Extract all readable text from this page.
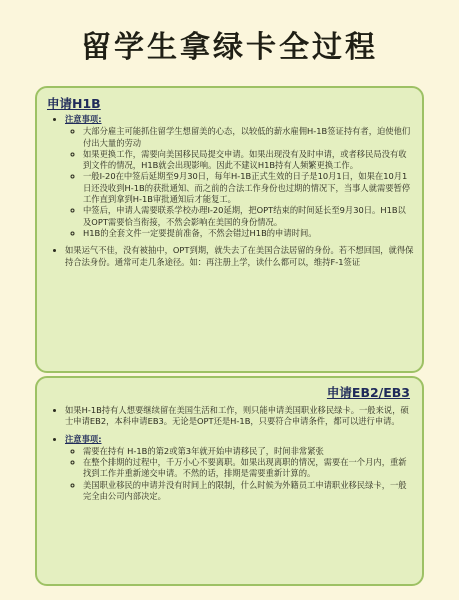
留学生拿绿卡全过程
申请H1B
• 注意事项:
◦ 大部分雇主可能抓住留学生想留美的心态，以较低的薪水雇佣H-1B签证持有者，迫使他们付出大量的劳动
◦ 如果更换工作，需要向美国移民局提交申请。如果出现没有及时申请，或者移民局没有收到文件的情况，H1B就会出现影响。因此不建议H1B持有人频繁更换工作。
◦ 一般I-20在中签后延期至9月30日，每年H-1B正式生效的日子是10月1日，如果在10月1日还没收到H-1B的获批通知、而之前的合法工作身份也过期的情况下，当事人就需要暂停工作直到拿到H-1B审批通知后才能复工。
◦ 中签后，申请人需要联系学校办理I-20延期，把OPT结束的时间延长至9月30日。H1B以及OPT需要恰当衔接，不然会影响在美国的身份情况。
◦ H1B的全套文件一定要提前准备，不然会错过H1B的申请时间。
• 如果运气不佳，没有被抽中，OPT到期，就失去了在美国合法居留的身份。若不想回国，就得保持合法身份。通常可走几条途径。如：再注册上学，读什么都可以，维持F-1签证
申请EB2/EB3
• 如果H-1B持有人想要继续留在美国生活和工作，则只能申请美国职业移民绿卡。一般来说，硕士申请EB2，本科申请EB3。无论是OPT还是H-1B，只要符合申请条件，都可以进行申请。
• 注意事项:
◦ 需要在持有 H-1B的第2或第3年就开始申请移民了，时间非常紧张
◦ 在整个排期的过程中，千万小心不要离职。如果出现离职的情况，需要在一个月内，重新找到工作并重新递交申请。不然的话，排期是需要重新计算的。
◦ 美国职业移民的申请并没有时间上的限制，什么时候为外籍员工申请职业移民绿卡，一般完全由公司内部决定。
